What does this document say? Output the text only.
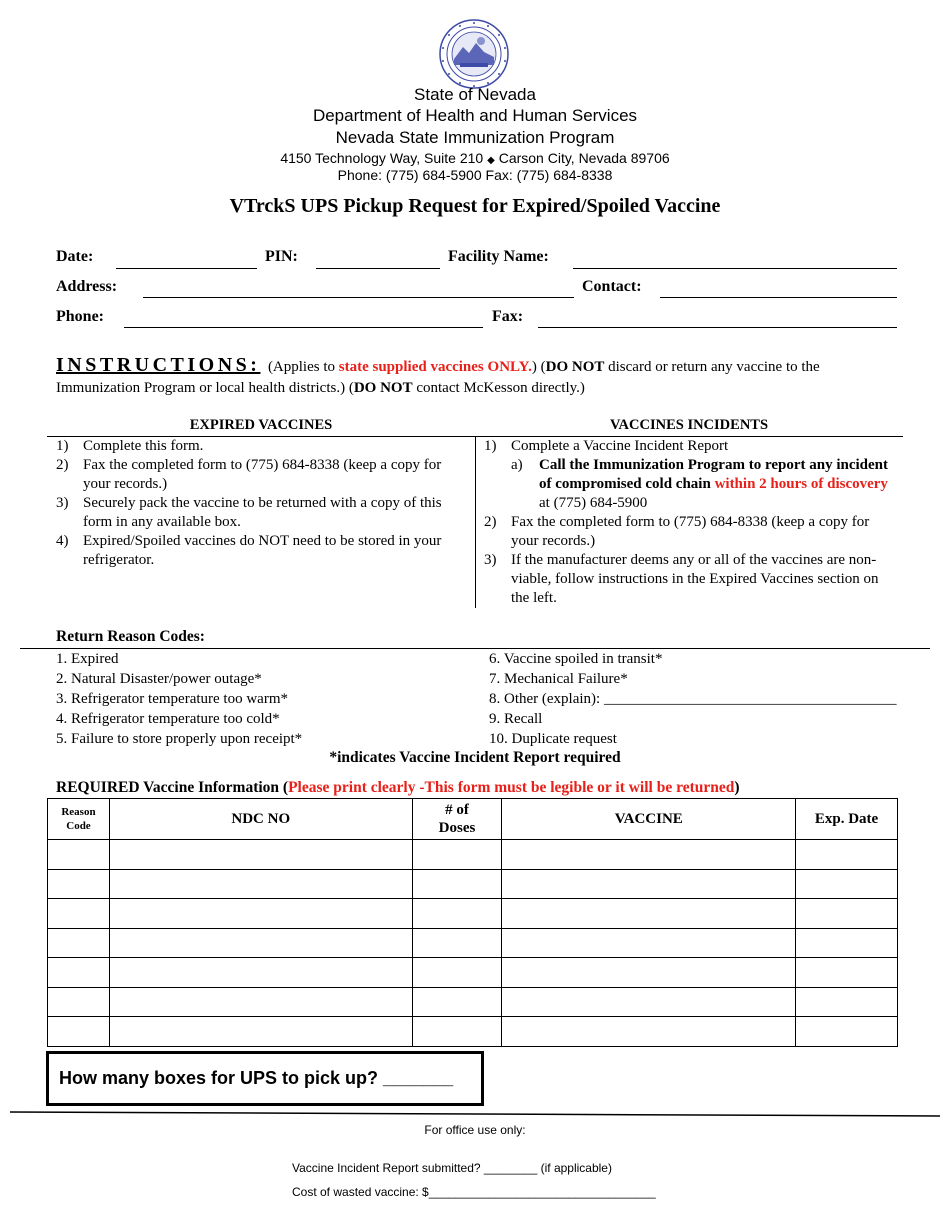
State of Nevada
Department of Health and Human Services
Nevada State Immunization Program
4150 Technology Way, Suite 210 ◆ Carson City, Nevada 89706
Phone: (775) 684-5900 Fax: (775) 684-8338
VTrckS UPS Pickup Request for Expired/Spoiled Vaccine
Date:	PIN:	Facility Name:
Address:	Contact:
Phone:	Fax:
INSTRUCTIONS: (Applies to state supplied vaccines ONLY.) (DO NOT discard or return any vaccine to the Immunization Program or local health districts.) (DO NOT contact McKesson directly.)
EXPIRED VACCINES	VACCINES INCIDENTS
1) Complete this form.
2) Fax the completed form to (775) 684-8338 (keep a copy for your records.)
3) Securely pack the vaccine to be returned with a copy of this form in any available box.
4) Expired/Spoiled vaccines do NOT need to be stored in your refrigerator.
1) Complete a Vaccine Incident Report
a) Call the Immunization Program to report any incident of compromised cold chain within 2 hours of discovery at (775) 684-5900
2) Fax the completed form to (775) 684-8338 (keep a copy for your records.)
3) If the manufacturer deems any or all of the vaccines are non-viable, follow instructions in the Expired Vaccines section on the left.
Return Reason Codes:
1. Expired
2. Natural Disaster/power outage*
3. Refrigerator temperature too warm*
4. Refrigerator temperature too cold*
5. Failure to store properly upon receipt*
6. Vaccine spoiled in transit*
7. Mechanical Failure*
8. Other (explain): _______________________________________
9. Recall
10. Duplicate request
*indicates Vaccine Incident Report required
REQUIRED Vaccine Information (Please print clearly -This form must be legible or it will be returned)
Reason Code	NDC NO	# of Doses	VACCINE	Exp. Date

How many boxes for UPS to pick up? _______
For office use only:
Vaccine Incident Report submitted? ________ (if applicable)
Cost of wasted vaccine: $__________________________________
